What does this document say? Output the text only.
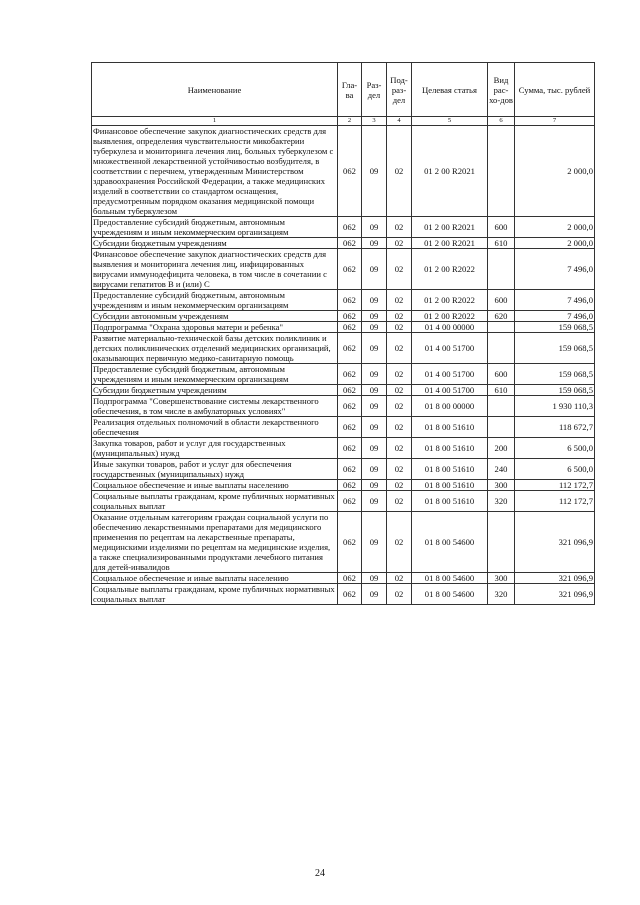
Наименование	Гла-ва	Раз-дел	Под-раз-дел	Целевая статья	Вид рас-хо-дов	Сумма, тыс. рублей
1	2	3	4	5	6	7
Финансовое обеспечение закупок диагностических средств для выявления, определения чувствительности микобактерии туберкулеза и мониторинга лечения лиц, больных туберкулезом с множественной лекарственной устойчивостью возбудителя, в соответствии с перечнем, утвержденным Министерством здравоохранения Российской Федерации, а также медицинских изделий в соответствии со стандартом оснащения, предусмотренным порядком оказания медицинской помощи больным туберкулезом	062	09	02	01 2 00 R2021		2 000,0
Предоставление субсидий бюджетным, автономным учреждениям и иным некоммерческим организациям	062	09	02	01 2 00 R2021	600	2 000,0
Субсидии бюджетным учреждениям	062	09	02	01 2 00 R2021	610	2 000,0
Финансовое обеспечение закупок диагностических средств для выявления и мониторинга лечения лиц, инфицированных вирусами иммунодефицита человека, в том числе в сочетании с вирусами гепатитов В и (или) С	062	09	02	01 2 00 R2022		7 496,0
Предоставление субсидий бюджетным, автономным учреждениям и иным некоммерческим организациям	062	09	02	01 2 00 R2022	600	7 496,0
Субсидии автономным учреждениям	062	09	02	01 2 00 R2022	620	7 496,0
Подпрограмма "Охрана здоровья матери и ребенка"	062	09	02	01 4 00 00000		159 068,5
Развитие материально-технической базы детских поликлиник и детских поликлинических отделений медицинских организаций, оказывающих первичную медико-санитарную помощь	062	09	02	01 4 00 51700		159 068,5
Предоставление субсидий бюджетным, автономным учреждениям и иным некоммерческим организациям	062	09	02	01 4 00 51700	600	159 068,5
Субсидии бюджетным учреждениям	062	09	02	01 4 00 51700	610	159 068,5
Подпрограмма "Совершенствование системы лекарственного обеспечения, в том числе в амбулаторных условиях"	062	09	02	01 8 00 00000		1 930 110,3
Реализация отдельных полномочий в области лекарственного обеспечения	062	09	02	01 8 00 51610		118 672,7
Закупка товаров, работ и услуг для государственных (муниципальных) нужд	062	09	02	01 8 00 51610	200	6 500,0
Иные закупки товаров, работ и услуг для обеспечения государственных (муниципальных) нужд	062	09	02	01 8 00 51610	240	6 500,0
Социальное обеспечение и иные выплаты населению	062	09	02	01 8 00 51610	300	112 172,7
Социальные выплаты гражданам, кроме публичных нормативных социальных выплат	062	09	02	01 8 00 51610	320	112 172,7
Оказание отдельным категориям граждан социальной услуги по обеспечению лекарственными препаратами для медицинского применения по рецептам на лекарственные препараты, медицинскими изделиями по рецептам на медицинские изделия, а также специализированными продуктами лечебного питания для детей-инвалидов	062	09	02	01 8 00 54600		321 096,9
Социальное обеспечение и иные выплаты населению	062	09	02	01 8 00 54600	300	321 096,9
Социальные выплаты гражданам, кроме публичных нормативных социальных выплат	062	09	02	01 8 00 54600	320	321 096,9
24
